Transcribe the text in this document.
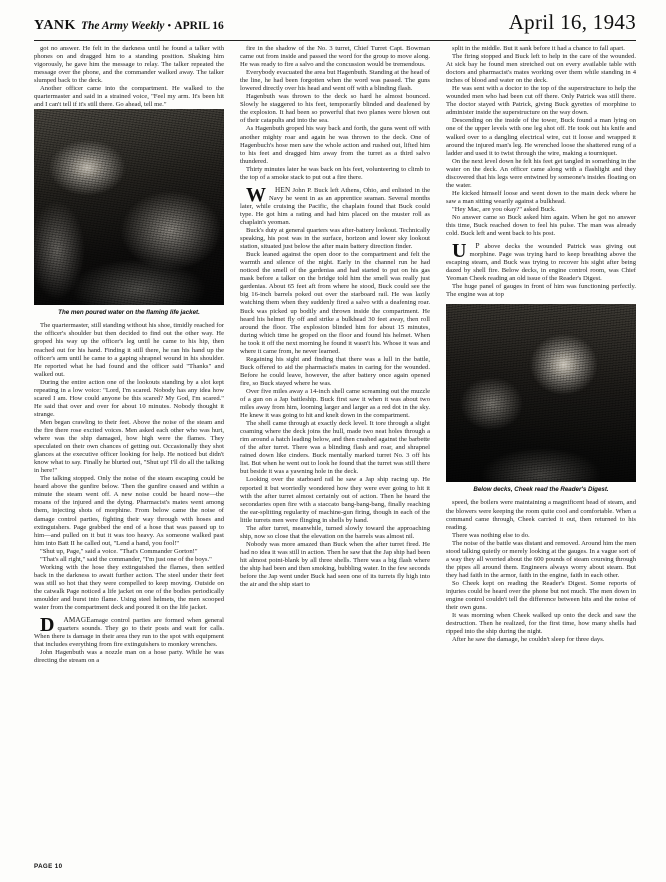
YANK The Army Weekly • APRIL 16	April 16, 1943

got no answer. He felt in the darkness until he found a talker with phones on and dragged him to a standing position. Shaking him vigorously, he gave him the message to relay. The talker repeated the message over the phone, and the commander walked away. The talker slumped back to the deck.

Another officer came into the compartment. He walked to the quartermaster and said in a strained voice, "Feel my arm. It's been hit and I can't tell if it's still there. Go ahead, tell me."

The men poured water on the flaming life jacket.

The quartermaster, still standing without his shoe, timidly reached for the officer's shoulder but then decided to find out the other way. He groped his way up the officer's leg until he came to his hip, then reached out for his hand. Finding it still there, he ran his hand up the officer's arm until he came to a gaping shrapnel wound in his shoulder. He reported what he had found and the officer said "Thanks" and walked out.

During the entire action one of the lookouts standing by a slot kept repeating in a low voice: "Lord, I'm scared. Nobody has any idea how scared I am. How could anyone be this scared? My God, I'm scared." He said that over and over for about 10 minutes. Nobody thought it strange.

Men began crawling to their feet. Above the noise of the steam and the fire there rose excited voices. Men asked each other who was hurt, where was the ship damaged, how high were the flames. They speculated on their own chances of getting out. Occasionally they shot glances at the executive officer looking for help. He noticed but didn't know what to say. Finally he blurted out, "Shut up! I'll do all the talking in here!"

The talking stopped. Only the noise of the steam escaping could be heard above the gunfire below. Then the gunfire ceased and within a minute the steam went off. A new noise could be heard now—the moans of the injured and the dying. Pharmacist's mates went among them, injecting shots of morphine. From below came the noise of damage control parties, fighting their way through with hoses and extinguishers. Page grabbed the end of a hose that was passed up to him—and pulled on it but it was too heavy. As someone walked past him into Batt II he called out, "Lend a hand, you fool!"

"Shut up, Page," said a voice. "That's Commander Gorton!"

"That's all right," said the commander, "I'm just one of the boys."

Working with the hose they extinguished the flames, then settled back in the darkness to await further action. The steel under their feet was still so hot that they were compelled to keep moving. Outside on the catwalk Page noticed a life jacket on one of the bodies periodically smoulder and burst into flame. Using steel helmets, the men scooped water from the compartment deck and poured it on the life jacket.

D AMAGEamage control parties are formed when general quarters sounds. They go to their posts and wait for calls. When there is damage in their area they run to the spot with equipment that includes everything from fire extinguishers to monkey wrenches.

John Hagenbuth was a nozzle man on a hose party. While he was directing the stream on a

fire in the shadow of the No. 3 turret, Chief Turret Capt. Bowman came out from inside and passed the word for the group to move along. He was ready to fire a salvo and the concussion would be tremendous.

Everybody evacuated the area but Hagenbuth. Standing at the head of the line, he had been forgotten when the word was passed. The guns lowered directly over his head and went off with a blinding flash.

Hagenbuth was thrown to the deck so hard he almost bounced. Slowly he staggered to his feet, temporarily blinded and deafened by the explosion. It had been so powerful that two planes were blown out of their catapults and into the sea.

As Hagenbuth groped his way back and forth, the guns went off with another mighty roar and again he was thrown to the deck. One of Hagenbuch's hose men saw the whole action and rushed out, lifted him to his feet and dragged him away from the turret as a third salvo thundered.

Thirty minutes later he was back on his feet, volunteering to climb to the top of a smoke stack to put out a fire there.

W HEN John P. Buck left Athens, Ohio, and enlisted in the Navy he went in as an apprentice seaman. Several months later, while cruising the Pacific, the chaplain found that Buck could type. He got him a rating and had him placed on the muster roll as chaplain's yeoman.

Buck's duty at general quarters was after-battery lookout. Technically speaking, his post was in the surface, horizon and lower sky lookout station, situated just below the after main battery direction finder.

Buck leaned against the open door to the compartment and felt the warmth and silence of the night. Early in the channel run he had noticed the smell of the gardenias and had started to put on his gas mask before a talker on the bridge told him the smell was really just gardenias. About 65 feet aft from where he stood, Buck could see the big 16-inch barrels poked out over the starboard rail. He was lazily watching them when they suddenly fired a salvo with a deafening roar. Buck was picked up bodily and thrown inside the compartment. He heard his helmet fly off and strike a bulkhead 30 feet away, then roll around the floor. The explosion blinded him for about 15 minutes, during which time he groped on the floor and found his helmet. When he took it off the next morning he found it wasn't his. Whose it was and where it came from, he never learned.

Regaining his sight and finding that there was a lull in the battle, Buck offered to aid the pharmacist's mates in caring for the wounded. Before he could leave, however, the after battery once again opened fire, so Buck stayed where he was.

Over five miles away a 14-inch shell came screaming out the muzzle of a gun on a Jap battleship. Buck first saw it when it was about two miles away from him, looming larger and larger as a red dot in the sky. He knew it was going to hit and knelt down in the compartment.

The shell came through at exactly deck level. It tore through a slight coaming where the deck joins the hull, made two neat holes through a rim around a hatch leading below, and then crashed against the barbette of the after turret. There was a blinding flash and roar, and shrapnel rained down like cinders. Buck mentally marked turret No. 3 off his list. But when he went out to look he found that the turret was still there but beside it was a yawning hole in the deck.

Looking over the starboard rail he saw a Jap ship racing up. He reported it but worriedly wondered how they were ever going to hit it with the after turret almost certainly out of action. Then he heard the secondaries open fire with a staccato bang-bang-bang, finally reaching the ear-splitting regularity of machine-gun firing, though in each of the little turrets men were flinging in shells by hand.

The after turret, meanwhile, turned slowly toward the approaching ship, now so close that the elevation on the barrels was almost nil.

Nobody was more amazed than Buck when the after turret fired. He had no idea it was still in action. Then he saw that the Jap ship had been hit almost point-blank by all three shells. There was a big flash where the ship had been and then smoking, bubbling water. In the few seconds before the Jap went under Buck had seen one of its turrets fly high into the air and the ship start to

split in the middle. But it sank before it had a chance to fall apart.

The firing stopped and Buck left to help in the care of the wounded. At sick bay he found men stretched out on every available table with doctors and pharmacist's mates working over them while standing in 4 inches of blood and water on the deck.

He was sent with a doctor to the top of the superstructure to help the wounded men who had been cut off there. Only Patrick was still there. The doctor stayed with Patrick, giving Buck gyrettes of morphine to administer inside the superstructure on the way down.

Descending on the inside of the tower, Buck found a man lying on one of the upper levels with one leg shot off. He took out his knife and walked over to a dangling electrical wire, cut it loose and wrapped it around the injured man's leg. He wrenched loose the shattered rung of a ladder and used it to twist through the wire, making a tourniquet.

On the next level down he felt his feet get tangled in something in the water on the deck. An officer came along with a flashlight and they discovered that his legs were entwined by someone's insides floating on the water.

He kicked himself loose and went down to the main deck where he saw a man sitting wearily against a bulkhead.

"Hey Mac, are you okay?" asked Buck.

No answer came so Buck asked him again. When he got no answer this time, Buck reached down to feel his pulse. The man was already cold. Buck left and went back to his post.

U P above decks the wounded Patrick was giving out morphine. Page was trying hard to keep breathing above the escaping steam, and Buck was trying to recover his sight after being dazed by shell fire. Below decks, in engine control room, was Chief Yeoman Cheek reading an old issue of the Reader's Digest.

The huge panel of gauges in front of him was functioning perfectly. The engine was at top

Below decks, Cheek read the Reader's Digest.

speed, the boilers were maintaining a magnificent head of steam, and the blowers were keeping the room quite cool and comfortable. When a command came through, Cheek carried it out, then returned to his reading.

There was nothing else to do.

The noise of the battle was distant and removed. Around him the men stood talking quietly or merely looking at the gauges. In a vague sort of a way they all worried about the 600 pounds of steam coursing through the pipes all around them. Engineers always worry about steam. But they had faith in the armor, faith in the engine, faith in each other.

So Cheek kept on reading the Reader's Digest. Some reports of injuries could be heard over the phone but not much. The men down in engine control couldn't tell the difference between hits and the noise of their own guns.

It was morning when Cheek walked up onto the deck and saw the destruction. Then he realized, for the first time, how many shells had ripped into the ship during the night.

After he saw the damage, he couldn't sleep for three days.

PAGE 10
